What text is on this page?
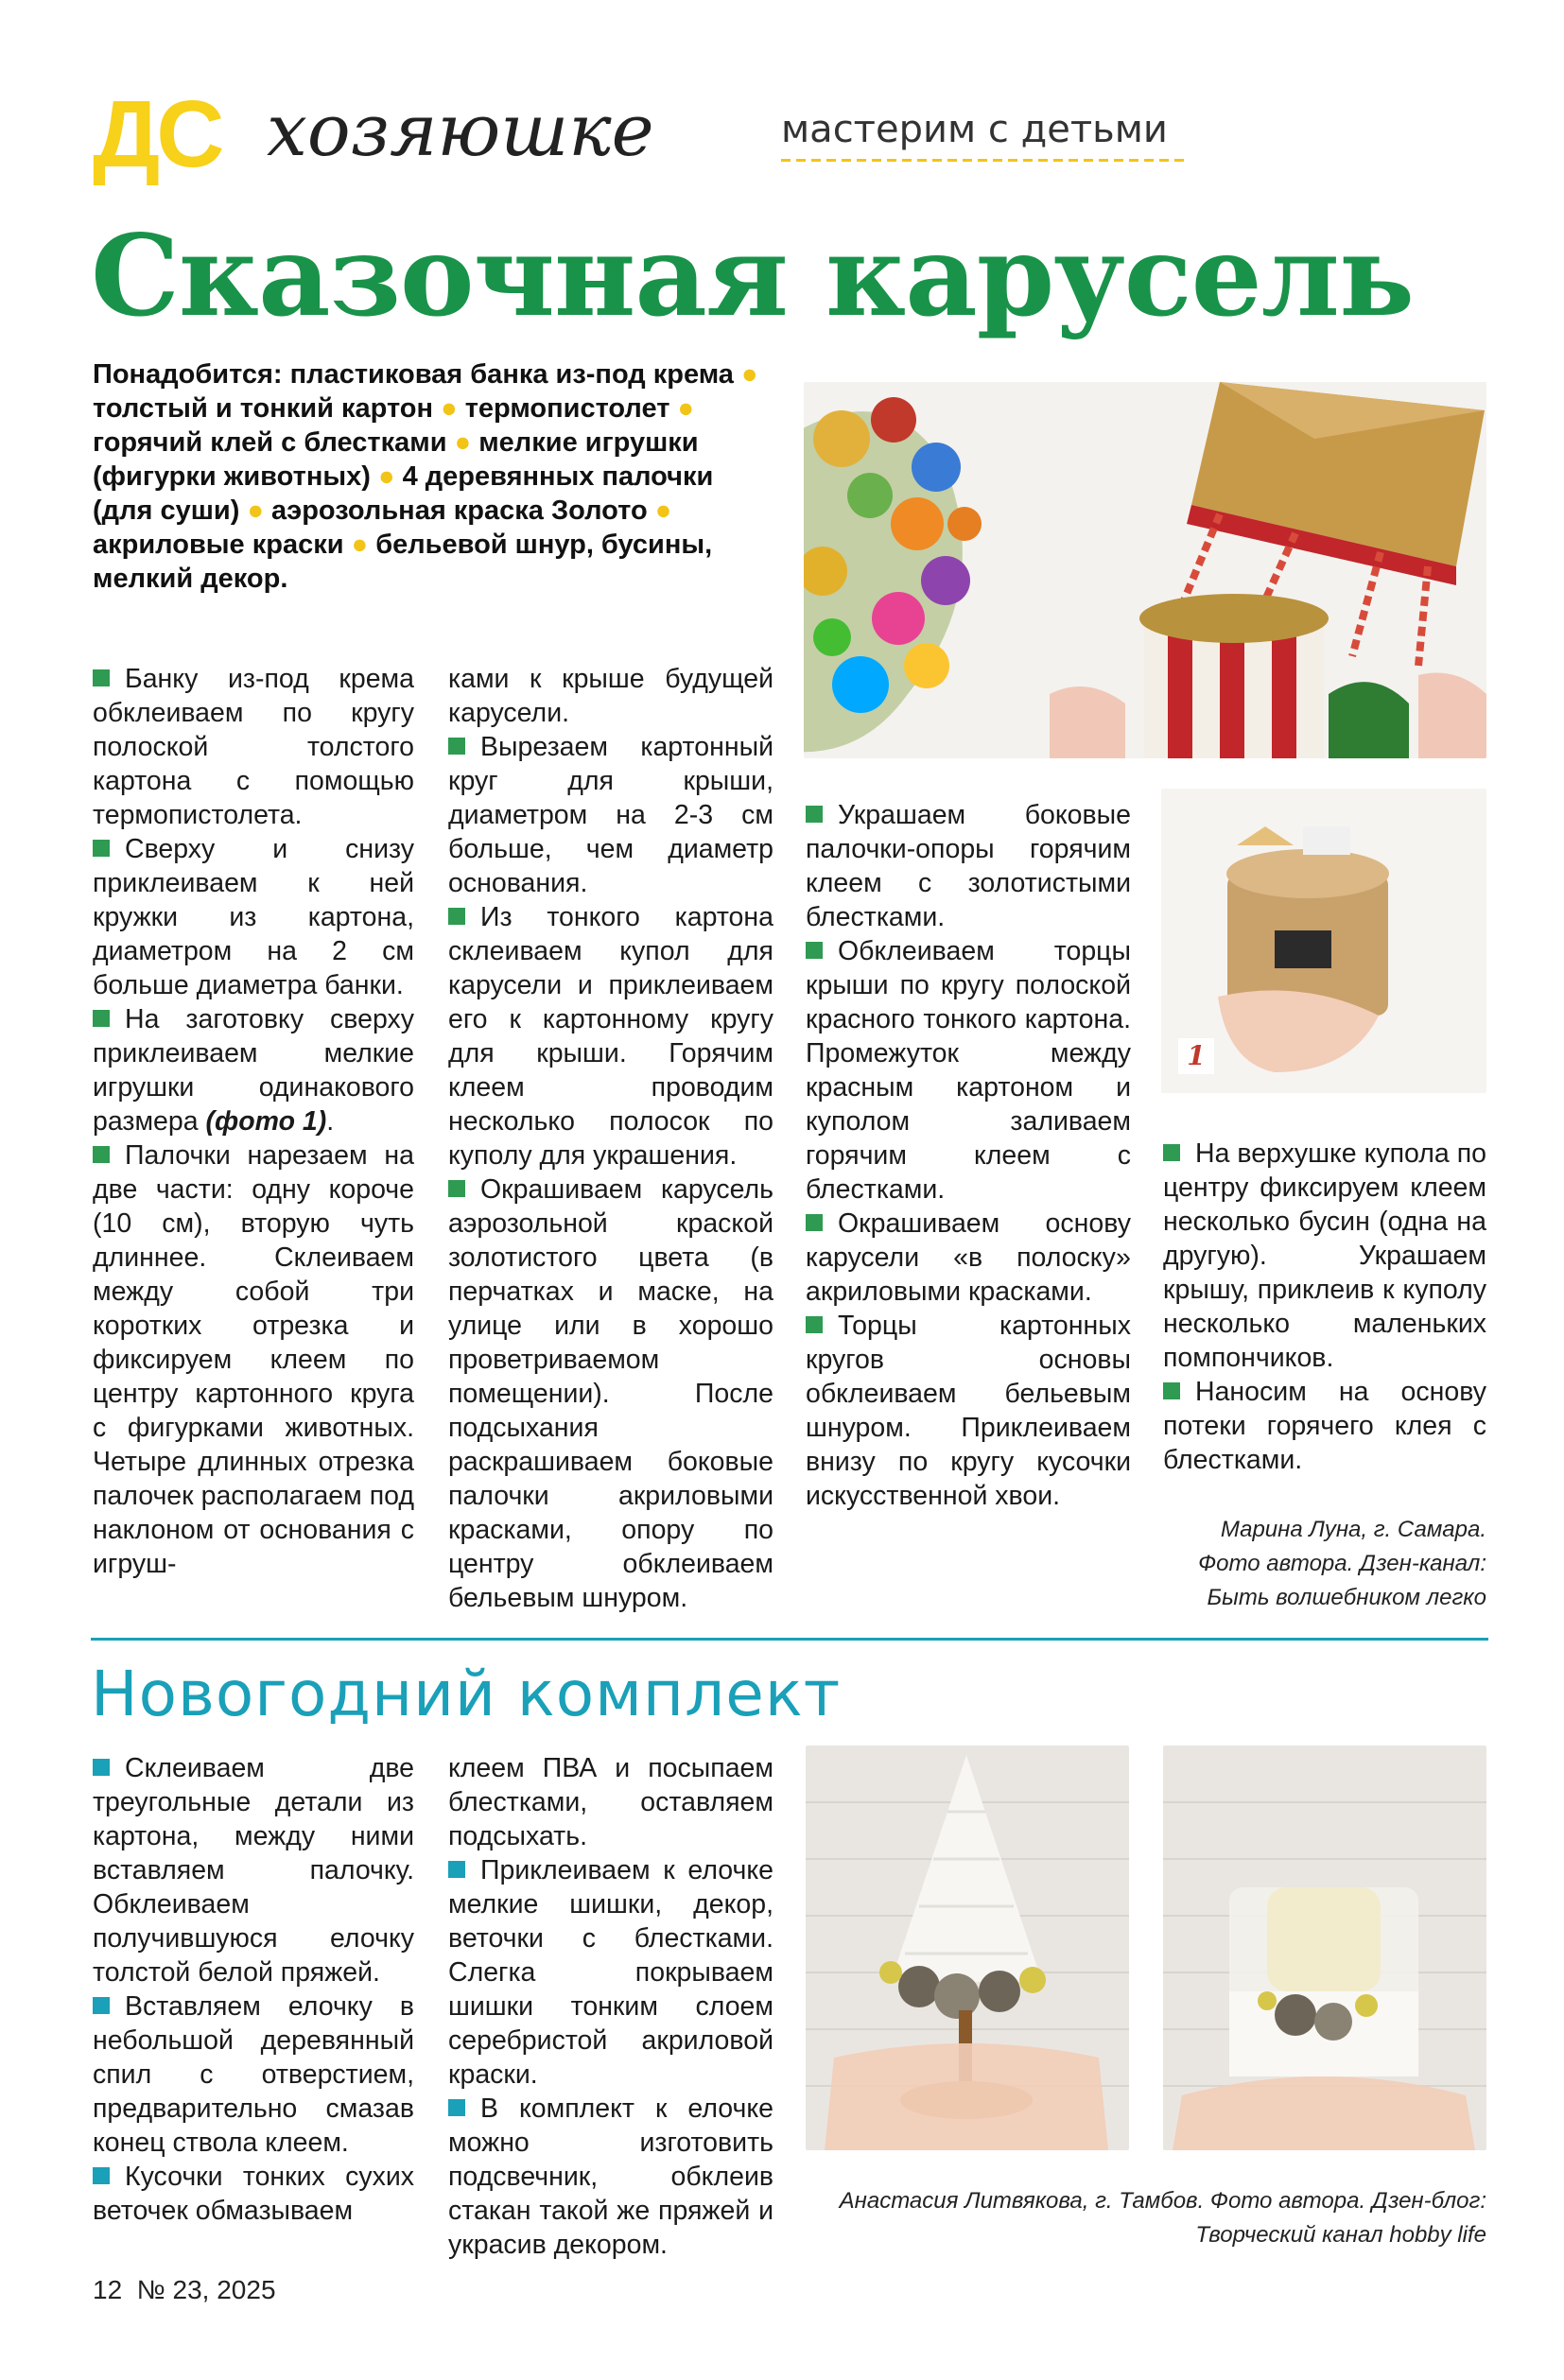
ДС хозяюшке	мастерим с детьми
Сказочная карусель
Понадобится: пластиковая банка из-под крема ● толстый и тонкий картон ● термопистолет ● горячий клей с блестками ● мелкие игрушки (фигурки животных) ● 4 деревянных палочки (для суши) ● аэрозольная краска Золото ● акриловые краски ● бельевой шнур, бусины, мелкий декор.
1

Банку из-под крема обклеиваем по кругу полоской толстого картона с помощью термопистолета.

Сверху и снизу приклеиваем к ней кружки из картона, диаметром на 2 см больше диаметра банки.

На заготовку сверху приклеиваем мелкие игрушки одинакового размера (фото 1).

Палочки нарезаем на две части: одну короче (10 см), вторую чуть длиннее. Склеиваем между собой три коротких отрезка и фиксируем клеем по центру картонного круга с фигурками животных. Четыре длинных отрезка палочек располагаем под наклоном от основания с игруш-

ками к крыше будущей карусели.

Вырезаем картонный круг для крыши, диаметром на 2-3 см больше, чем диаметр основания.

Из тонкого картона склеиваем купол для карусели и приклеиваем его к картонному кругу для крыши. Горячим клеем проводим несколько полосок по куполу для украшения.

Окрашиваем карусель аэрозольной краской золотистого цвета (в перчатках и маске, на улице или в хорошо проветриваемом помещении). После подсыхания раскрашиваем боковые палочки акриловыми красками, опору по центру обклеиваем бельевым шнуром.

Украшаем боковые палочки-опоры горячим клеем с золотистыми блестками.

Обклеиваем торцы крыши по кругу полоской красного тонкого картона. Промежуток между красным картоном и куполом заливаем горячим клеем с блестками.

Окрашиваем основу карусели «в полоску» акриловыми красками.

Торцы картонных кругов основы обклеиваем бельевым шнуром. Приклеиваем внизу по кругу кусочки искусственной хвои.

На верхушке купола по центру фиксируем клеем несколько бусин (одна на другую). Украшаем крышу, приклеив к куполу несколько маленьких помпончиков.

Наносим на основу потеки горячего клея с блестками.

Марина Луна, г. Самара.
Фото автора. Дзен-канал:
Быть волшебником легко
Новогодний комплект

Склеиваем две треугольные детали из картона, между ними вставляем палочку. Обклеиваем получившуюся елочку толстой белой пряжей.

Вставляем елочку в небольшой деревянный спил с отверстием, предварительно смазав конец ствола клеем.

Кусочки тонких сухих веточек обмазываем

клеем ПВА и посыпаем блестками, оставляем подсыхать.

Приклеиваем к елочке мелкие шишки, декор, веточки с блестками. Слегка покрываем шишки тонким слоем серебристой акриловой краски.

В комплект к елочке можно изготовить подсвечник, обклеив стакан такой же пряжей и украсив декором.

Анастасия Литвякова, г. Тамбов. Фото автора. Дзен-блог:
Творческий канал hobby life
12 № 23, 2025
